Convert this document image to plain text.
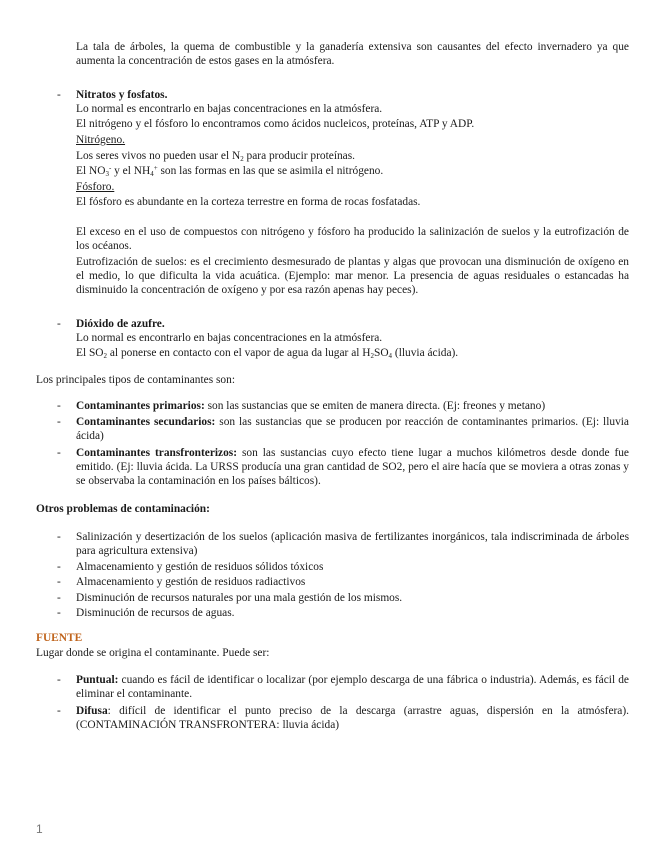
La tala de árboles, la quema de combustible y la ganadería extensiva son causantes del efecto invernadero ya que aumenta la concentración de estos gases en la atmósfera.

- Nitratos y fosfatos.

Lo normal es encontrarlo en bajas concentraciones en la atmósfera.

El nitrógeno y el fósforo lo encontramos como ácidos nucleicos, proteínas, ATP y ADP.

Nitrógeno.

Los seres vivos no pueden usar el $N_2$ para producir proteínas.

El $NO_3^-$ y el $NH_4^+$ son las formas en las que se asimila el nitrógeno.

Fósforo.

El fósforo es abundante en la corteza terrestre en forma de rocas fosfatadas.

El exceso en el uso de compuestos con nitrógeno y fósforo ha producido la salinización de suelos y la eutrofización de los océanos.

Eutrofización de suelos: es el crecimiento desmesurado de plantas y algas que provocan una disminución de oxígeno en el medio, lo que dificulta la vida acuática. (Ejemplo: mar menor. La presencia de aguas residuales o estancadas ha disminuido la concentración de oxígeno y por esa razón apenas hay peces).

- Dióxido de azufre.

Lo normal es encontrarlo en bajas concentraciones en la atmósfera.

El $SO_2$ al ponerse en contacto con el vapor de agua da lugar al $H_2SO_4$ (lluvia ácida).

Los principales tipos de contaminantes son:

- Contaminantes primarios: son las sustancias que se emiten de manera directa. (Ej: freones y metano)

- Contaminantes secundarios: son las sustancias que se producen por reacción de contaminantes primarios. (Ej: lluvia ácida)

- Contaminantes transfronterizos: son las sustancias cuyo efecto tiene lugar a muchos kilómetros desde donde fue emitido. (Ej: lluvia ácida. La URSS producía una gran cantidad de SO2, pero el aire hacía que se moviera a otras zonas y se observaba la contaminación en los países bálticos).

Otros problemas de contaminación:

- Salinización y desertización de los suelos (aplicación masiva de fertilizantes inorgánicos, tala indiscriminada de árboles para agricultura extensiva)

- Almacenamiento y gestión de residuos sólidos tóxicos

- Almacenamiento y gestión de residuos radiactivos

- Disminución de recursos naturales por una mala gestión de los mismos.

- Disminución de recursos de aguas.

FUENTE

Lugar donde se origina el contaminante. Puede ser:

- Puntual: cuando es fácil de identificar o localizar (por ejemplo descarga de una fábrica o industria). Además, es fácil de eliminar el contaminante.

- Difusa: difícil de identificar el punto preciso de la descarga (arrastre aguas, dispersión en la atmósfera). (CONTAMINACIÓN TRANSFRONTERA: lluvia ácida)

1
